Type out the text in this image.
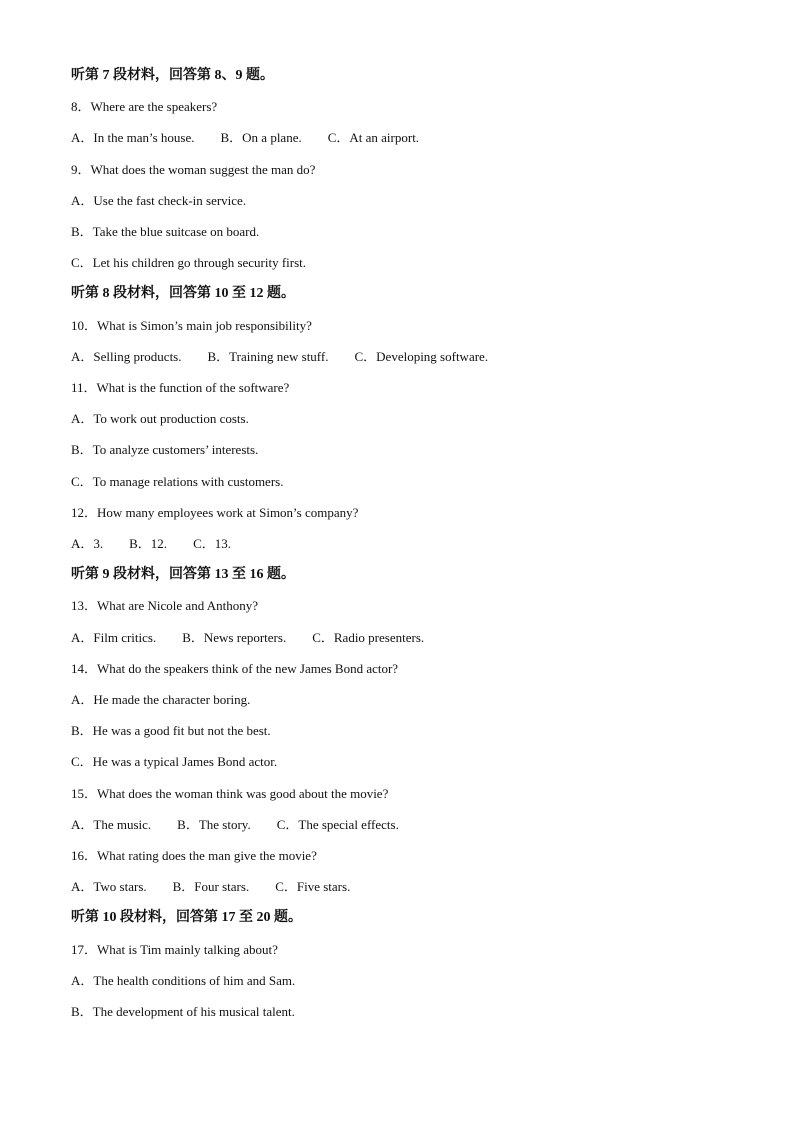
听第 7 段材料，回答第 8、9 题。
8．Where are the speakers?
A．In the man’s house. B．On a plane. C．At an airport.
9．What does the woman suggest the man do?
A．Use the fast check-in service.
B．Take the blue suitcase on board.
C．Let his children go through security first.
听第 8 段材料，回答第 10 至 12 题。
10．What is Simon’s main job responsibility?
A．Selling products. B．Training new stuff. C．Developing software.
11．What is the function of the software?
A．To work out production costs.
B．To analyze customers’ interests.
C．To manage relations with customers.
12．How many employees work at Simon’s company?
A．3. B．12. C．13.
听第 9 段材料，回答第 13 至 16 题。
13．What are Nicole and Anthony?
A．Film critics. B．News reporters. C．Radio presenters.
14．What do the speakers think of the new James Bond actor?
A．He made the character boring.
B．He was a good fit but not the best.
C．He was a typical James Bond actor.
15．What does the woman think was good about the movie?
A．The music. B．The story. C．The special effects.
16．What rating does the man give the movie?
A．Two stars. B．Four stars. C．Five stars.
听第 10 段材料，回答第 17 至 20 题。
17．What is Tim mainly talking about?
A．The health conditions of him and Sam.
B．The development of his musical talent.
